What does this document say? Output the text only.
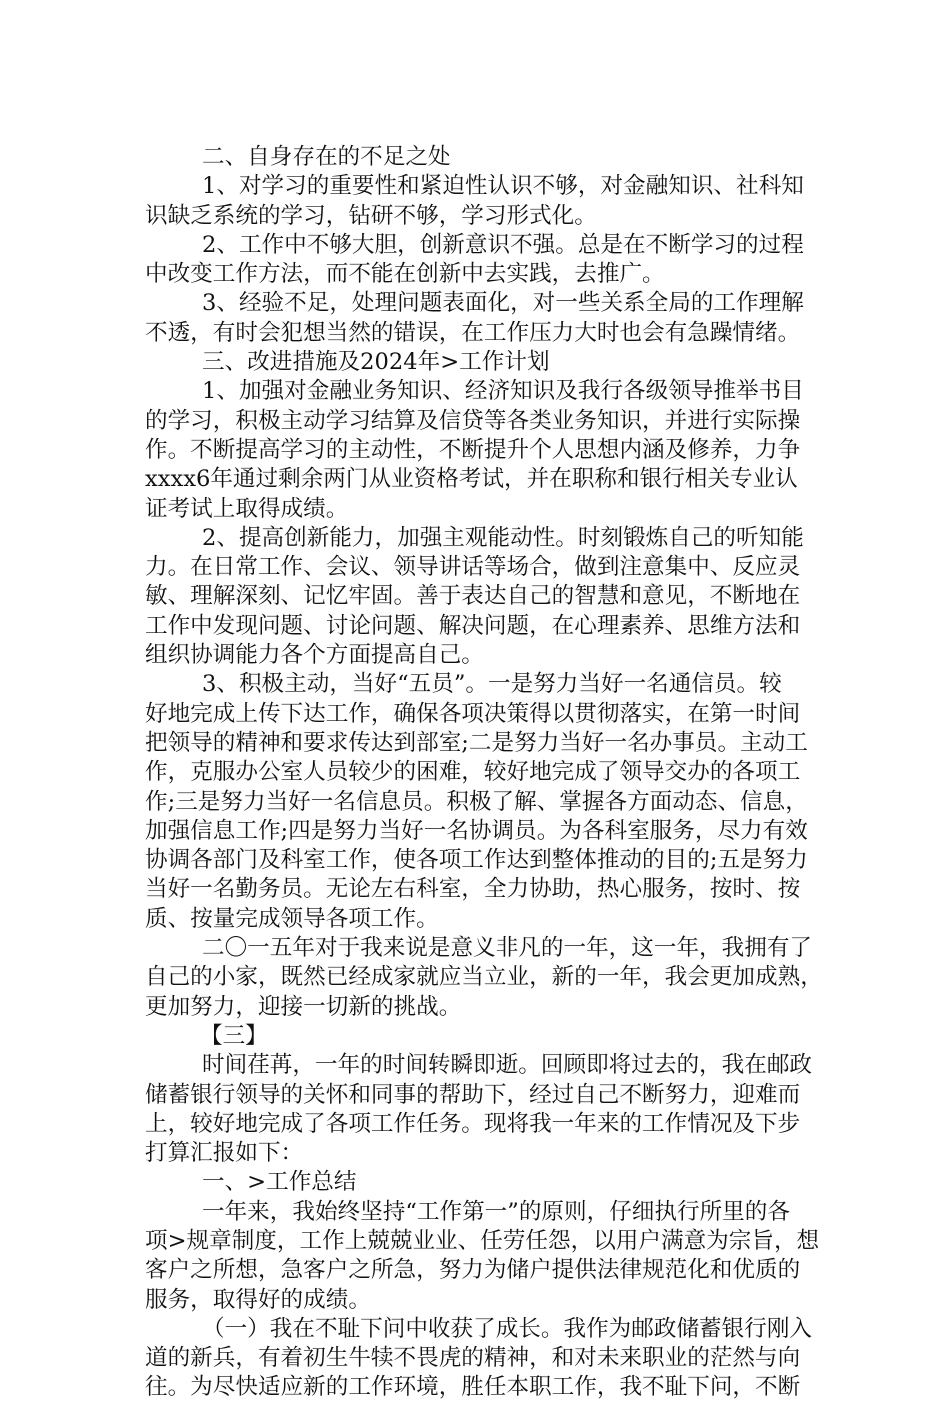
二、自身存在的不足之处
1、对学习的重要性和紧迫性认识不够，对金融知识、社科知
识缺乏系统的学习，钻研不够，学习形式化。
2、工作中不够大胆，创新意识不强。总是在不断学习的过程
中改变工作方法，而不能在创新中去实践，去推广。
3、经验不足，处理问题表面化，对一些关系全局的工作理解
不透，有时会犯想当然的错误，在工作压力大时也会有急躁情绪。
三、改进措施及2024年>工作计划
1、加强对金融业务知识、经济知识及我行各级领导推举书目
的学习，积极主动学习结算及信贷等各类业务知识，并进行实际操
作。不断提高学习的主动性，不断提升个人思想内涵及修养，力争
xxxx6年通过剩余两门从业资格考试，并在职称和银行相关专业认
证考试上取得成绩。
2、提高创新能力，加强主观能动性。时刻锻炼自己的听知能
力。在日常工作、会议、领导讲话等场合，做到注意集中、反应灵
敏、理解深刻、记忆牢固。善于表达自己的智慧和意见，不断地在
工作中发现问题、讨论问题、解决问题，在心理素养、思维方法和
组织协调能力各个方面提高自己。
3、积极主动，当好“五员”。一是努力当好一名通信员。较
好地完成上传下达工作，确保各项决策得以贯彻落实，在第一时间
把领导的精神和要求传达到部室;二是努力当好一名办事员。主动工
作，克服办公室人员较少的困难，较好地完成了领导交办的各项工
作;三是努力当好一名信息员。积极了解、掌握各方面动态、信息，
加强信息工作;四是努力当好一名协调员。为各科室服务，尽力有效
协调各部门及科室工作，使各项工作达到整体推动的目的;五是努力
当好一名勤务员。无论左右科室，全力协助，热心服务，按时、按
质、按量完成领导各项工作。
二〇一五年对于我来说是意义非凡的一年，这一年，我拥有了
自己的小家，既然已经成家就应当立业，新的一年，我会更加成熟，
更加努力，迎接一切新的挑战。
【三】
时间荏苒，一年的时间转瞬即逝。回顾即将过去的，我在邮政
储蓄银行领导的关怀和同事的帮助下，经过自己不断努力，迎难而
上，较好地完成了各项工作任务。现将我一年来的工作情况及下步
打算汇报如下：
一、>工作总结
一年来，我始终坚持“工作第一”的原则，仔细执行所里的各
项>规章制度，工作上兢兢业业、任劳任怨，以用户满意为宗旨，想
客户之所想，急客户之所急，努力为储户提供法律规范化和优质的
服务，取得好的成绩。
（一）我在不耻下问中收获了成长。我作为邮政储蓄银行刚入
道的新兵，有着初生牛犊不畏虎的精神，和对未来职业的茫然与向
往。为尽快适应新的工作环境，胜任本职工作，我不耻下问，不断
